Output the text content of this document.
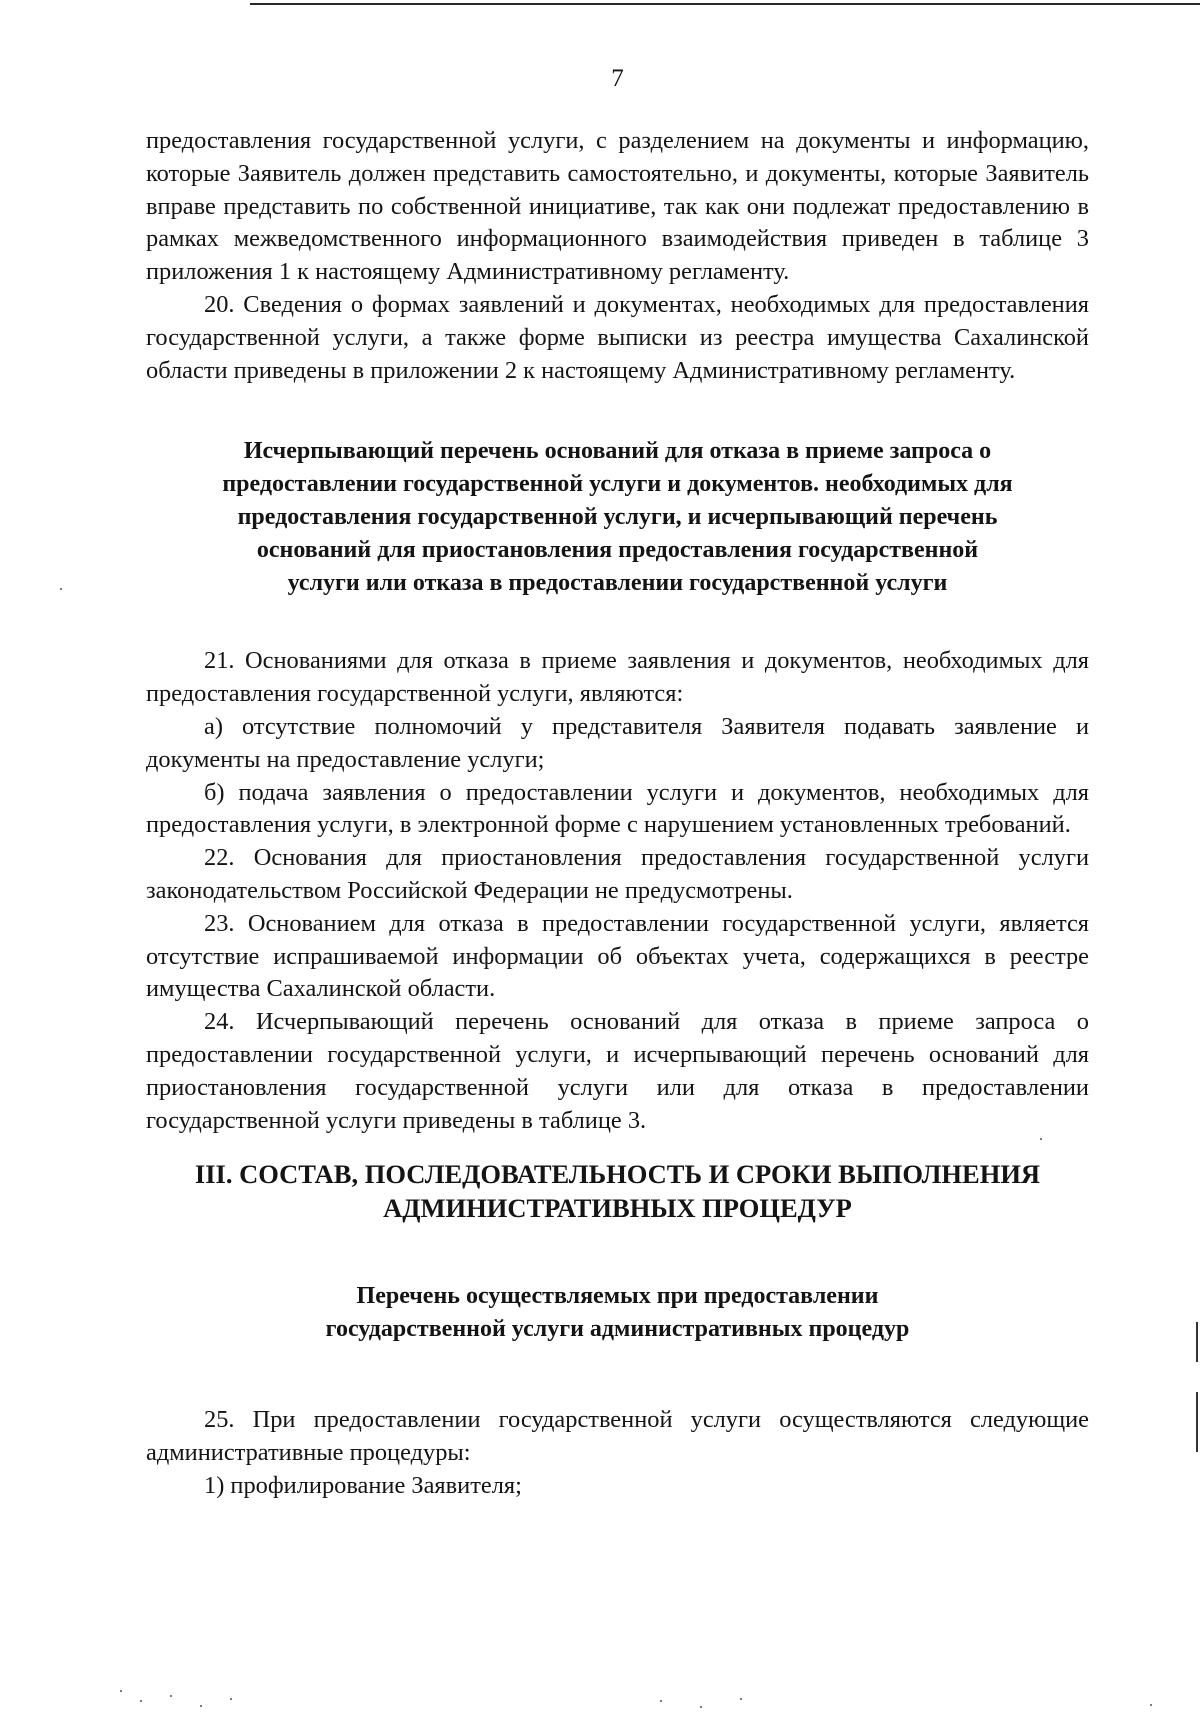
7

предоставления государственной услуги, с разделением на документы и информацию, которые Заявитель должен представить самостоятельно, и документы, которые Заявитель вправе представить по собственной инициативе, так как они подлежат предоставлению в рамках межведомственного информационного взаимодействия приведен в таблице 3 приложения 1 к настоящему Административному регламенту.

20. Сведения о формах заявлений и документах, необходимых для предоставления государственной услуги, а также форме выписки из реестра имущества Сахалинской области приведены в приложении 2 к настоящему Административному регламенту.

Исчерпывающий перечень оснований для отказа в приеме запроса о

предоставлении государственной услуги и документов. необходимых для

предоставления государственной услуги, и исчерпывающий перечень

оснований для приостановления предоставления государственной

услуги или отказа в предоставлении государственной услуги

21. Основаниями для отказа в приеме заявления и документов, необходимых для предоставления государственной услуги, являются:

а) отсутствие полномочий у представителя Заявителя подавать заявление и документы на предоставление услуги;

б) подача заявления о предоставлении услуги и документов, необходимых для предоставления услуги, в электронной форме с нарушением установленных требований.

22. Основания для приостановления предоставления государственной услуги законодательством Российской Федерации не предусмотрены.

23. Основанием для отказа в предоставлении государственной услуги, является отсутствие испрашиваемой информации об объектах учета, содержащихся в реестре имущества Сахалинской области.

24. Исчерпывающий перечень оснований для отказа в приеме запроса о предоставлении государственной услуги, и исчерпывающий перечень оснований для приостановления государственной услуги или для отказа в предоставлении государственной услуги приведены в таблице 3.

III. СОСТАВ, ПОСЛЕДОВАТЕЛЬНОСТЬ И СРОКИ ВЫПОЛНЕНИЯ

АДМИНИСТРАТИВНЫХ ПРОЦЕДУР

Перечень осуществляемых при предоставлении

государственной услуги административных процедур

25. При предоставлении государственной услуги осуществляются следующие административные процедуры:

1) профилирование Заявителя;
